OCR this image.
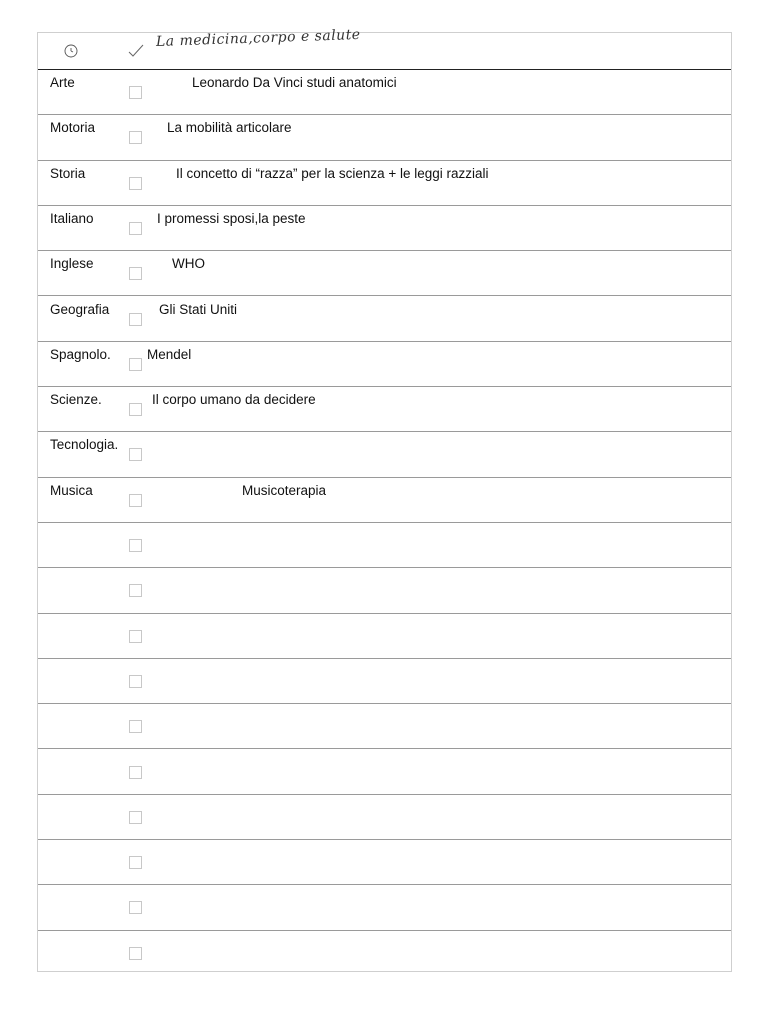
La medicina,corpo e salute
Arte	Leonardo Da Vinci studi anatomici
Motoria	La mobilità articolare
Storia	Il concetto di “razza” per la scienza + le leggi razziali
Italiano	I promessi sposi,la peste
Inglese	WHO
Geografia	Gli Stati Uniti
Spagnolo.	Mendel
Scienze.	Il corpo umano da decidere
Tecnologia.
Musica	Musicoterapia
